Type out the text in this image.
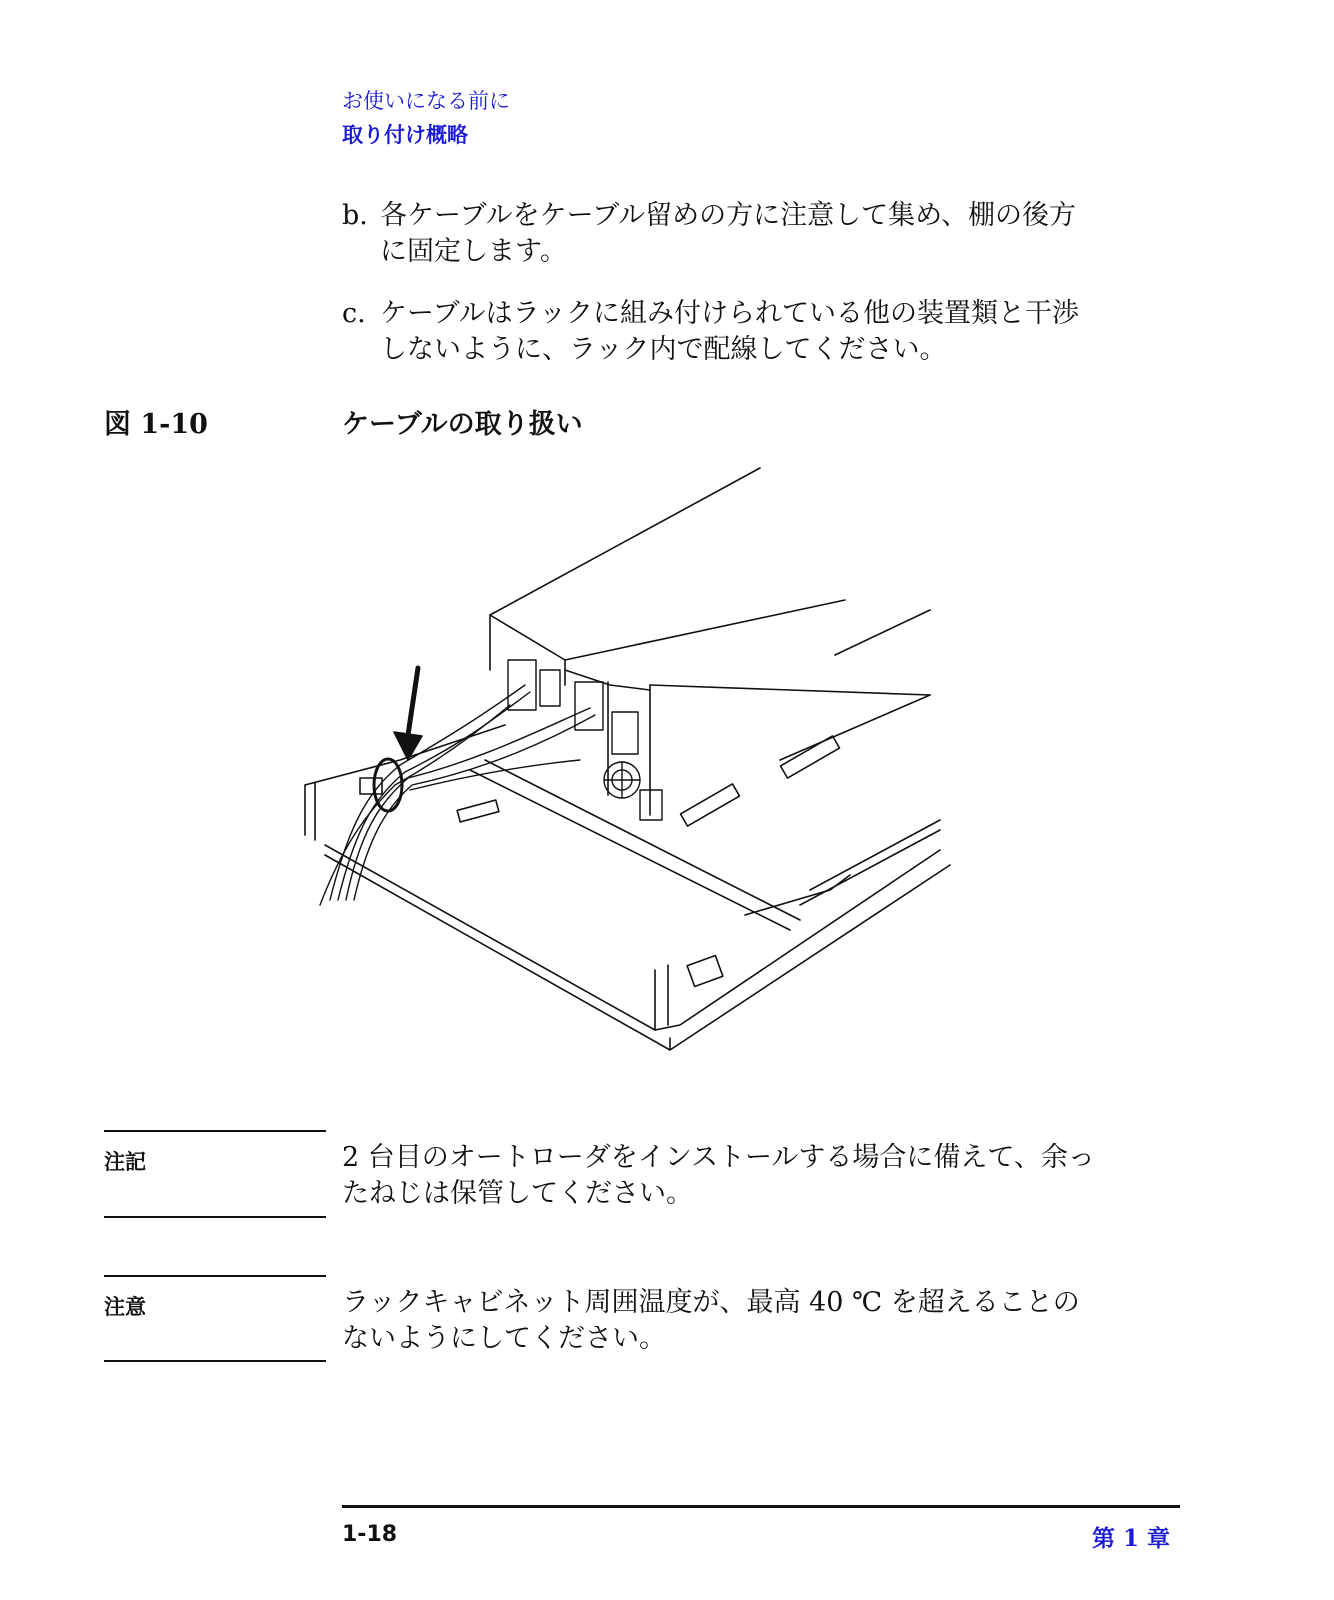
お使いになる前に
取り付け概略
b. 各ケーブルをケーブル留めの方に注意して集め、棚の後方
に固定します。
c. ケーブルはラックに組み付けられている他の装置類と干渉
しないように、ラック内で配線してください。
図 1-10	ケーブルの取り扱い
注記	2 台目のオートローダをインストールする場合に備えて、余っ
たねじは保管してください。
注意	ラックキャビネット周囲温度が、最高 40 ℃ を超えることの
ないようにしてください。
1-18	第 1 章
